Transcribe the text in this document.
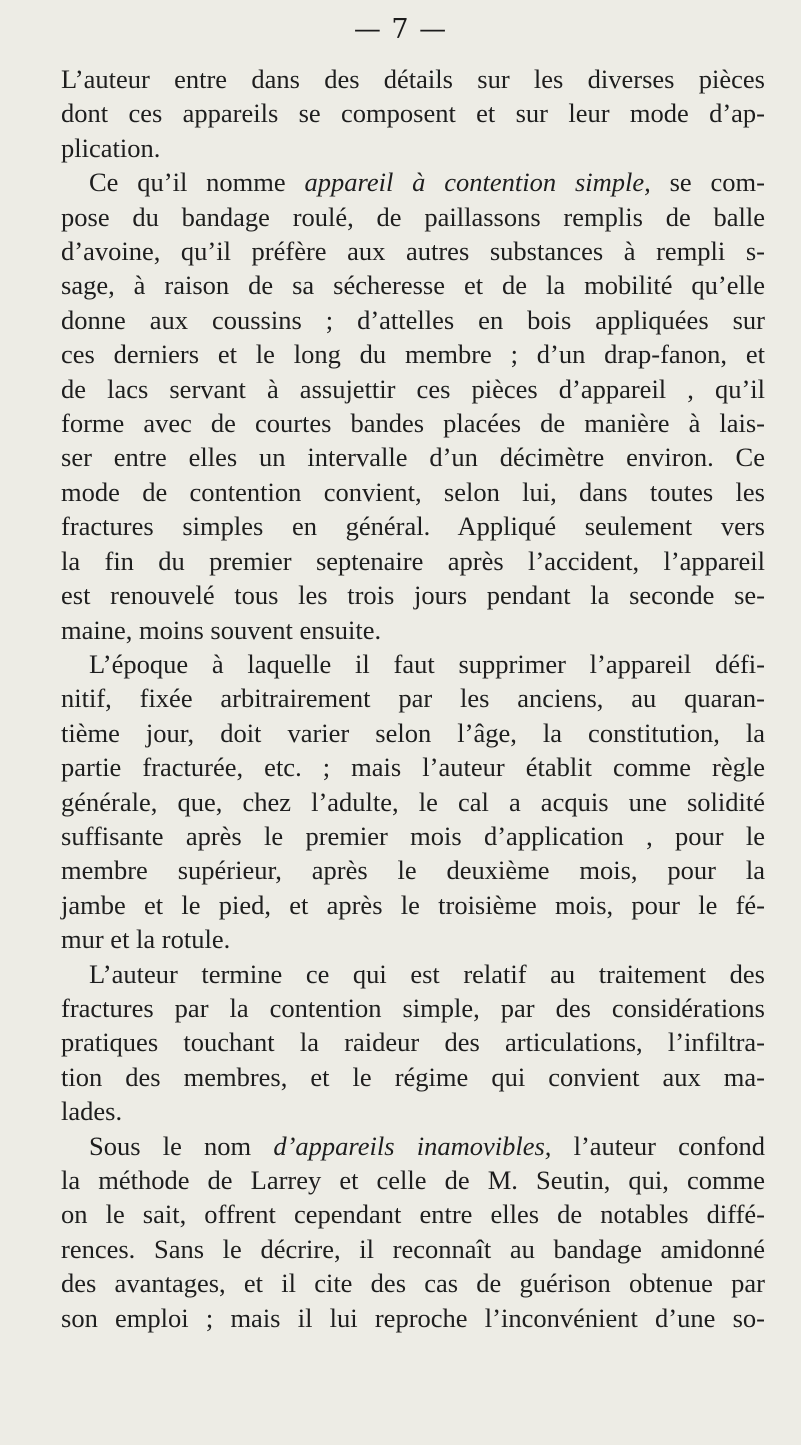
— 7 —
L’auteur entre dans des détails sur les diverses pièces
dont ces appareils se composent et sur leur mode d’ap-
plication.
Ce qu’il nomme appareil à contention simple, se com-
pose du bandage roulé, de paillassons remplis de balle
d’avoine, qu’il préfère aux autres substances à rempli s-
sage, à raison de sa sécheresse et de la mobilité qu’elle
donne aux coussins ; d’attelles en bois appliquées sur
ces derniers et le long du membre ; d’un drap-fanon, et
de lacs servant à assujettir ces pièces d’appareil , qu’il
forme avec de courtes bandes placées de manière à lais-
ser entre elles un intervalle d’un décimètre environ. Ce
mode de contention convient, selon lui, dans toutes les
fractures simples en général. Appliqué seulement vers
la fin du premier septenaire après l’accident, l’appareil
est renouvelé tous les trois jours pendant la seconde se-
maine, moins souvent ensuite.
L’époque à laquelle il faut supprimer l’appareil défi-
nitif, fixée arbitrairement par les anciens, au quaran-
tième jour, doit varier selon l’âge, la constitution, la
partie fracturée, etc. ; mais l’auteur établit comme règle
générale, que, chez l’adulte, le cal a acquis une solidité
suffisante après le premier mois d’application , pour le
membre supérieur, après le deuxième mois, pour la
jambe et le pied, et après le troisième mois, pour le fé-
mur et la rotule.
L’auteur termine ce qui est relatif au traitement des
fractures par la contention simple, par des considérations
pratiques touchant la raideur des articulations, l’infiltra-
tion des membres, et le régime qui convient aux ma-
lades.
Sous le nom d’appareils inamovibles, l’auteur confond
la méthode de Larrey et celle de M. Seutin, qui, comme
on le sait, offrent cependant entre elles de notables diffé-
rences. Sans le décrire, il reconnaît au bandage amidonné
des avantages, et il cite des cas de guérison obtenue par
son emploi ; mais il lui reproche l’inconvénient d’une so-
